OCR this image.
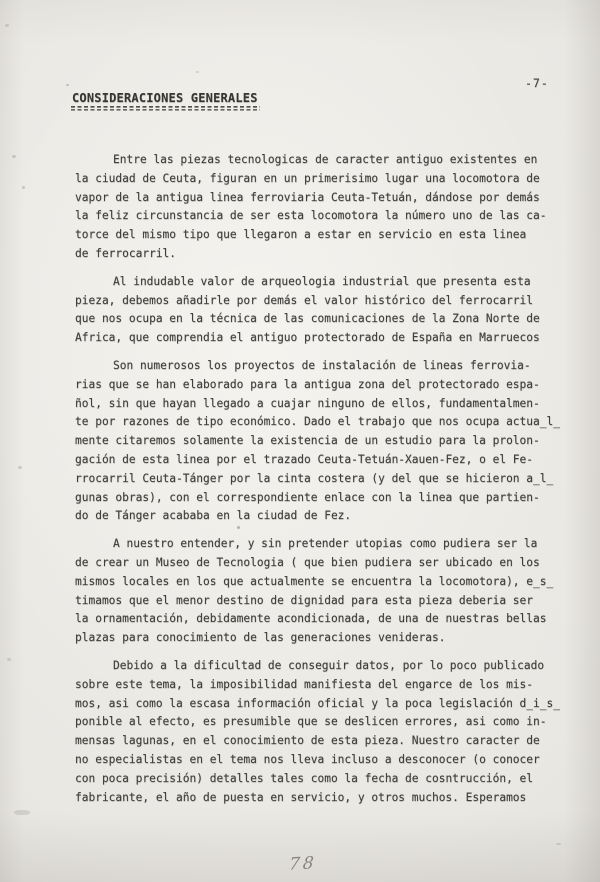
-7-
CONSIDERACIONES GENERALES
Entre las piezas tecnologicas de caracter antiguo existentes en
la ciudad de Ceuta, figuran en un primerisimo lugar una locomotora de
vapor de la antigua linea ferroviaria Ceuta-Tetuán, dándose por demás
la feliz circunstancia de ser esta locomotora la número uno de las ca-
torce del mismo tipo que llegaron a estar en servicio en esta linea
de ferrocarril.
Al indudable valor de arqueologia industrial que presenta esta
pieza, debemos añadirle por demás el valor histórico del ferrocarril
que nos ocupa en la técnica de las comunicaciones de la Zona Norte de
Africa, que comprendia el antiguo protectorado de España en Marruecos
Son numerosos los proyectos de instalación de lineas ferrovia-
rias que se han elaborado para la antigua zona del protectorado espa-
ñol, sin que hayan llegado a cuajar ninguno de ellos, fundamentalmen-
te por razones de tipo económico. Dado el trabajo que nos ocupa actua̲l̲
mente citaremos solamente la existencia de un estudio para la prolon-
gación de esta linea por el trazado Ceuta-Tetuán-Xauen-Fez, o el Fe-
rrocarril Ceuta-Tánger por la cinta costera (y del que se hicieron a̲l̲
gunas obras), con el correspondiente enlace con la linea que partien-
do de Tánger acababa en la ciudad de Fez.
A nuestro entender, y sin pretender utopias como pudiera ser la
de crear un Museo de Tecnologia ( que bien pudiera ser ubicado en los
mismos locales en los que actualmente se encuentra la locomotora), e̲s̲
timamos que el menor destino de dignidad para esta pieza deberia ser
la ornamentación, debidamente acondicionada, de una de nuestras bellas
plazas para conocimiento de las generaciones venideras.
Debido a la dificultad de conseguir datos, por lo poco publicado
sobre este tema, la imposibilidad manifiesta del engarce de los mis-
mos, asi como la escasa información oficial y la poca legislación d̲i̲s̲
ponible al efecto, es presumible que se deslicen errores, asi como in-
mensas lagunas, en el conocimiento de esta pieza. Nuestro caracter de
no especialistas en el tema nos lleva incluso a desconocer (o conocer
con poca precisión) detalles tales como la fecha de cosntrucción, el
fabricante, el año de puesta en servicio, y otros muchos. Esperamos
78
